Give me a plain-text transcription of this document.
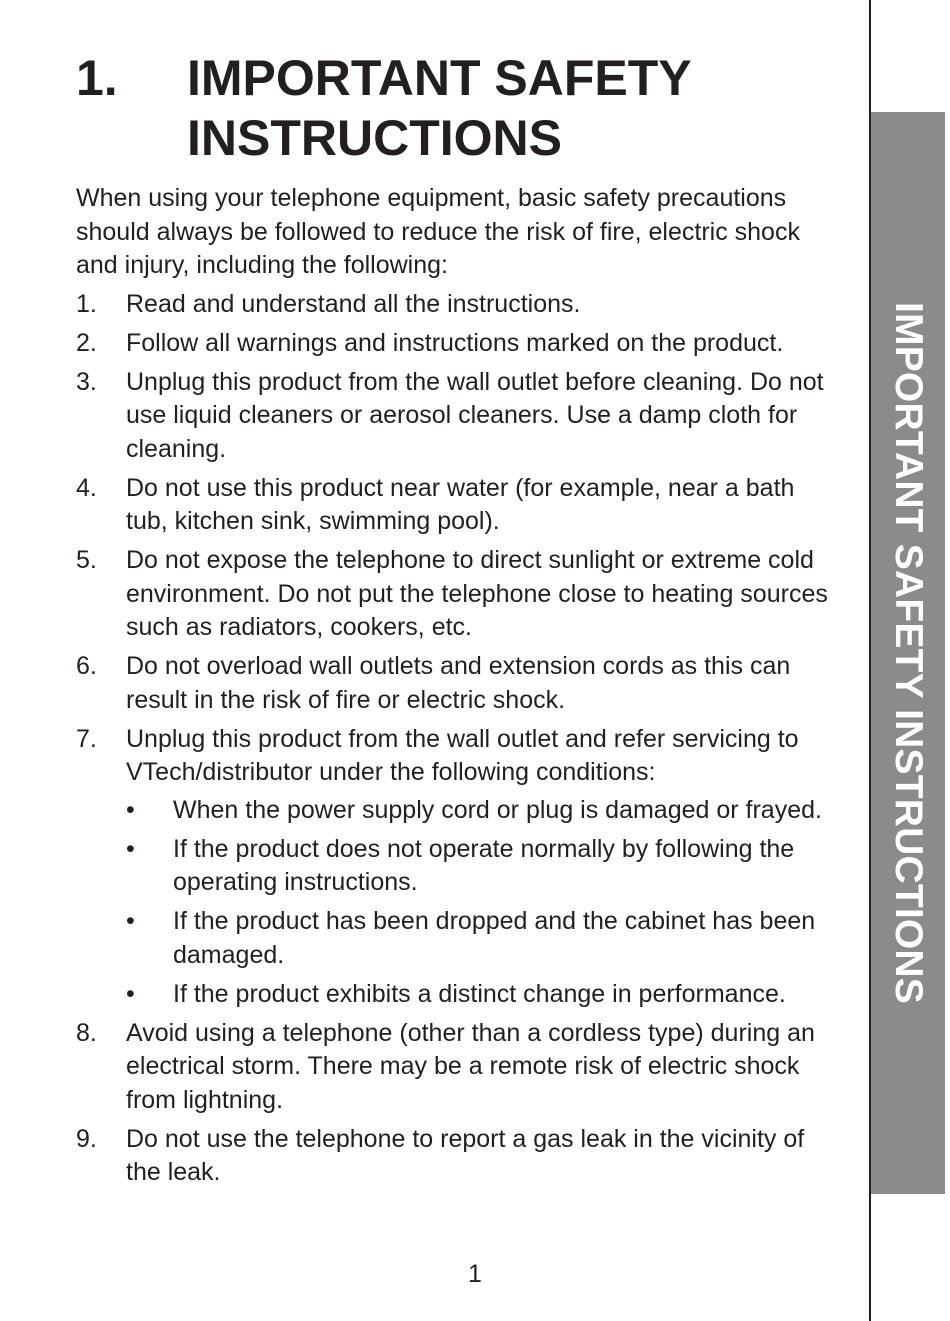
IMPORTANT SAFETY INSTRUCTIONS
1. IMPORTANT SAFETY INSTRUCTIONS

When using your telephone equipment, basic safety precautions should always be followed to reduce the risk of fire, electric shock and injury, including the following:

1.	Read and understand all the instructions.
2.	Follow all warnings and instructions marked on the product.
3.	Unplug this product from the wall outlet before cleaning. Do not use liquid cleaners or aerosol cleaners. Use a damp cloth for cleaning.
4.	Do not use this product near water (for example, near a bath tub, kitchen sink, swimming pool).
5.	Do not expose the telephone to direct sunlight or extreme cold environment. Do not put the telephone close to heating sources such as radiators, cookers, etc.
6.	Do not overload wall outlets and extension cords as this can result in the risk of fire or electric shock.
7.	Unplug this product from the wall outlet and refer servicing to VTech/distributor under the following conditions:
•	When the power supply cord or plug is damaged or frayed.
•	If the product does not operate normally by following the operating instructions.
•	If the product has been dropped and the cabinet has been damaged.
•	If the product exhibits a distinct change in performance.
8.	Avoid using a telephone (other than a cordless type) during an electrical storm. There may be a remote risk of electric shock from lightning.
9.	Do not use the telephone to report a gas leak in the vicinity of the leak.
1
